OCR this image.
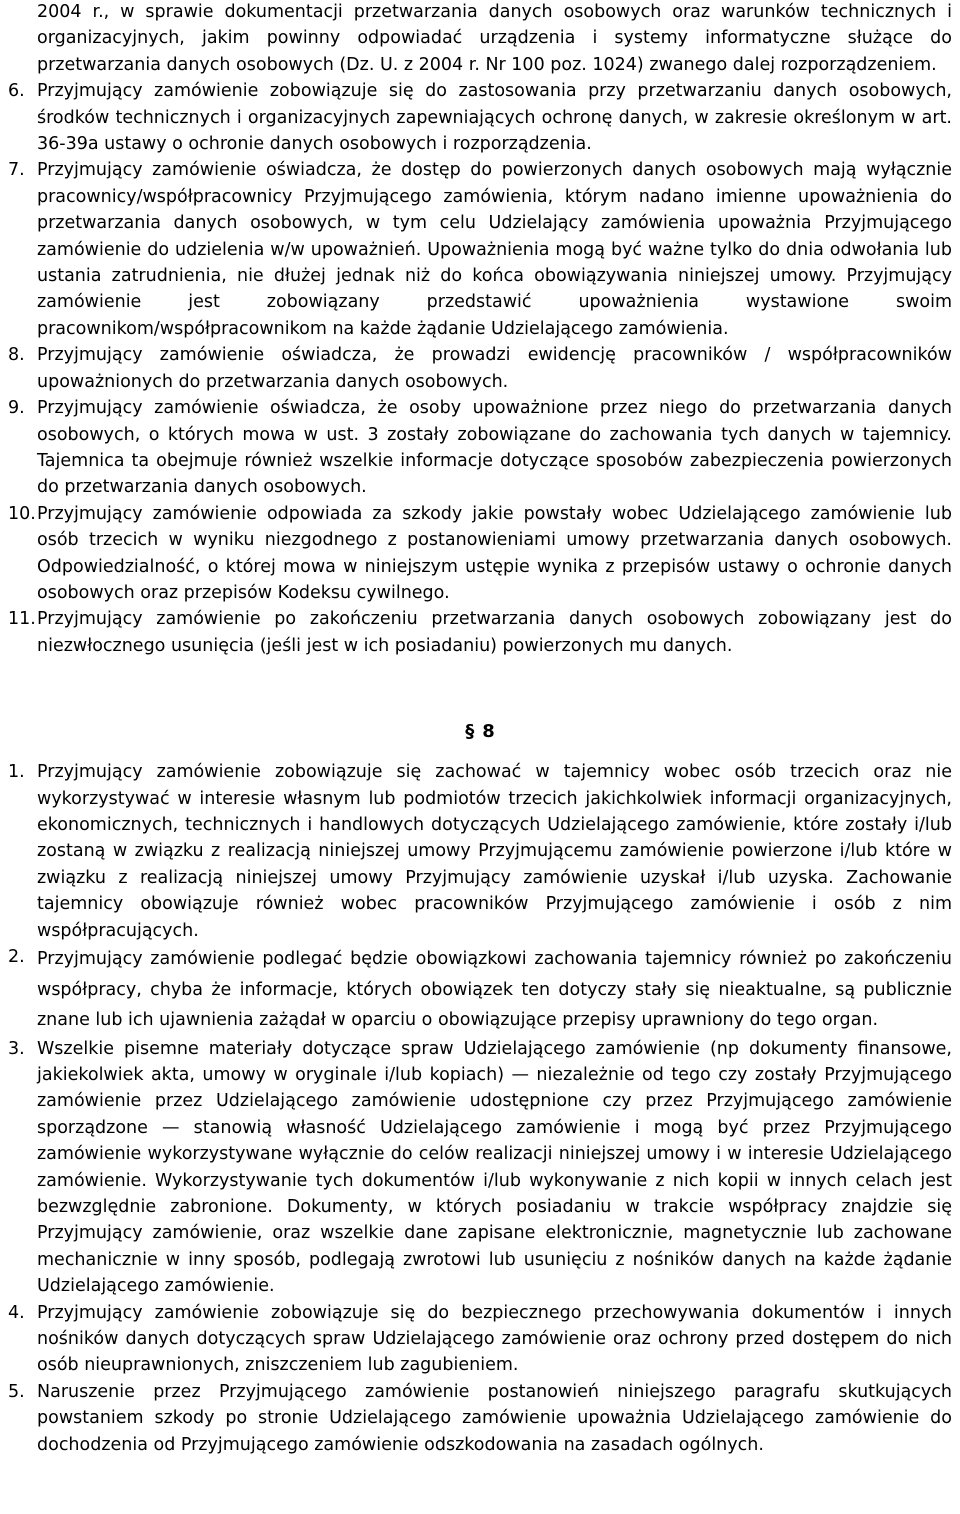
2004 r., w sprawie dokumentacji przetwarzania danych osobowych oraz warunków technicznych i organizacyjnych, jakim powinny odpowiadać urządzenia i systemy informatyczne służące do przetwarzania danych osobowych (Dz. U. z 2004 r. Nr 100 poz. 1024) zwanego dalej rozporządzeniem.

6. Przyjmujący zamówienie zobowiązuje się do zastosowania przy przetwarzaniu danych osobowych, środków technicznych i organizacyjnych zapewniających ochronę danych, w zakresie określonym w art. 36-39a ustawy o ochronie danych osobowych i rozporządzenia.
7. Przyjmujący zamówienie oświadcza, że dostęp do powierzonych danych osobowych mają wyłącznie pracownicy/współpracownicy Przyjmującego zamówienia, którym nadano imienne upoważnienia do przetwarzania danych osobowych, w tym celu Udzielający zamówienia upoważnia Przyjmującego zamówienie do udzielenia w/w upoważnień. Upoważnienia mogą być ważne tylko do dnia odwołania lub ustania zatrudnienia, nie dłużej jednak niż do końca obowiązywania niniejszej umowy. Przyjmujący zamówienie jest zobowiązany przedstawić upoważnienia wystawione swoim pracownikom/współpracownikom na każde żądanie Udzielającego zamówienia.
8. Przyjmujący zamówienie oświadcza, że prowadzi ewidencję pracowników / współpracowników upoważnionych do przetwarzania danych osobowych.
9. Przyjmujący zamówienie oświadcza, że osoby upoważnione przez niego do przetwarzania danych osobowych, o których mowa w ust. 3 zostały zobowiązane do zachowania tych danych w tajemnicy. Tajemnica ta obejmuje również wszelkie informacje dotyczące sposobów zabezpieczenia powierzonych do przetwarzania danych osobowych.
10. Przyjmujący zamówienie odpowiada za szkody jakie powstały wobec Udzielającego zamówienie lub osób trzecich w wyniku niezgodnego z postanowieniami umowy przetwarzania danych osobowych. Odpowiedzialność, o której mowa w niniejszym ustępie wynika z przepisów ustawy o ochronie danych osobowych oraz przepisów Kodeksu cywilnego.
11. Przyjmujący zamówienie po zakończeniu przetwarzania danych osobowych zobowiązany jest do niezwłocznego usunięcia (jeśli jest w ich posiadaniu) powierzonych mu danych.
§ 8
1. Przyjmujący zamówienie zobowiązuje się zachować w tajemnicy wobec osób trzecich oraz nie wykorzystywać w interesie własnym lub podmiotów trzecich jakichkolwiek informacji organizacyjnych, ekonomicznych, technicznych i handlowych dotyczących Udzielającego zamówienie, które zostały i/lub zostaną w związku z realizacją niniejszej umowy Przyjmującemu zamówienie powierzone i/lub które w związku z realizacją niniejszej umowy Przyjmujący zamówienie uzyskał i/lub uzyska. Zachowanie tajemnicy obowiązuje również wobec pracowników Przyjmującego zamówienie i osób z nim współpracujących.
2. Przyjmujący zamówienie podlegać będzie obowiązkowi zachowania tajemnicy również po zakończeniu współpracy, chyba że informacje, których obowiązek ten dotyczy stały się nieaktualne, są publicznie znane lub ich ujawnienia zażądał w oparciu o obowiązujące przepisy uprawniony do tego organ.
3. Wszelkie pisemne materiały dotyczące spraw Udzielającego zamówienie (np dokumenty finansowe, jakiekolwiek akta, umowy w oryginale i/lub kopiach) — niezależnie od tego czy zostały Przyjmującego zamówienie przez Udzielającego zamówienie udostępnione czy przez Przyjmującego zamówienie sporządzone — stanowią własność Udzielającego zamówienie i mogą być przez Przyjmującego zamówienie wykorzystywane wyłącznie do celów realizacji niniejszej umowy i w interesie Udzielającego zamówienie. Wykorzystywanie tych dokumentów i/lub wykonywanie z nich kopii w innych celach jest bezwzględnie zabronione. Dokumenty, w których posiadaniu w trakcie współpracy znajdzie się Przyjmujący zamówienie, oraz wszelkie dane zapisane elektronicznie, magnetycznie lub zachowane mechanicznie w inny sposób, podlegają zwrotowi lub usunięciu z nośników danych na każde żądanie Udzielającego zamówienie.
4. Przyjmujący zamówienie zobowiązuje się do bezpiecznego przechowywania dokumentów i innych nośników danych dotyczących spraw Udzielającego zamówienie oraz ochrony przed dostępem do nich osób nieuprawnionych, zniszczeniem lub zagubieniem.
5. Naruszenie przez Przyjmującego zamówienie postanowień niniejszego paragrafu skutkujących powstaniem szkody po stronie Udzielającego zamówienie upoważnia Udzielającego zamówienie do dochodzenia od Przyjmującego zamówienie odszkodowania na zasadach ogólnych.
